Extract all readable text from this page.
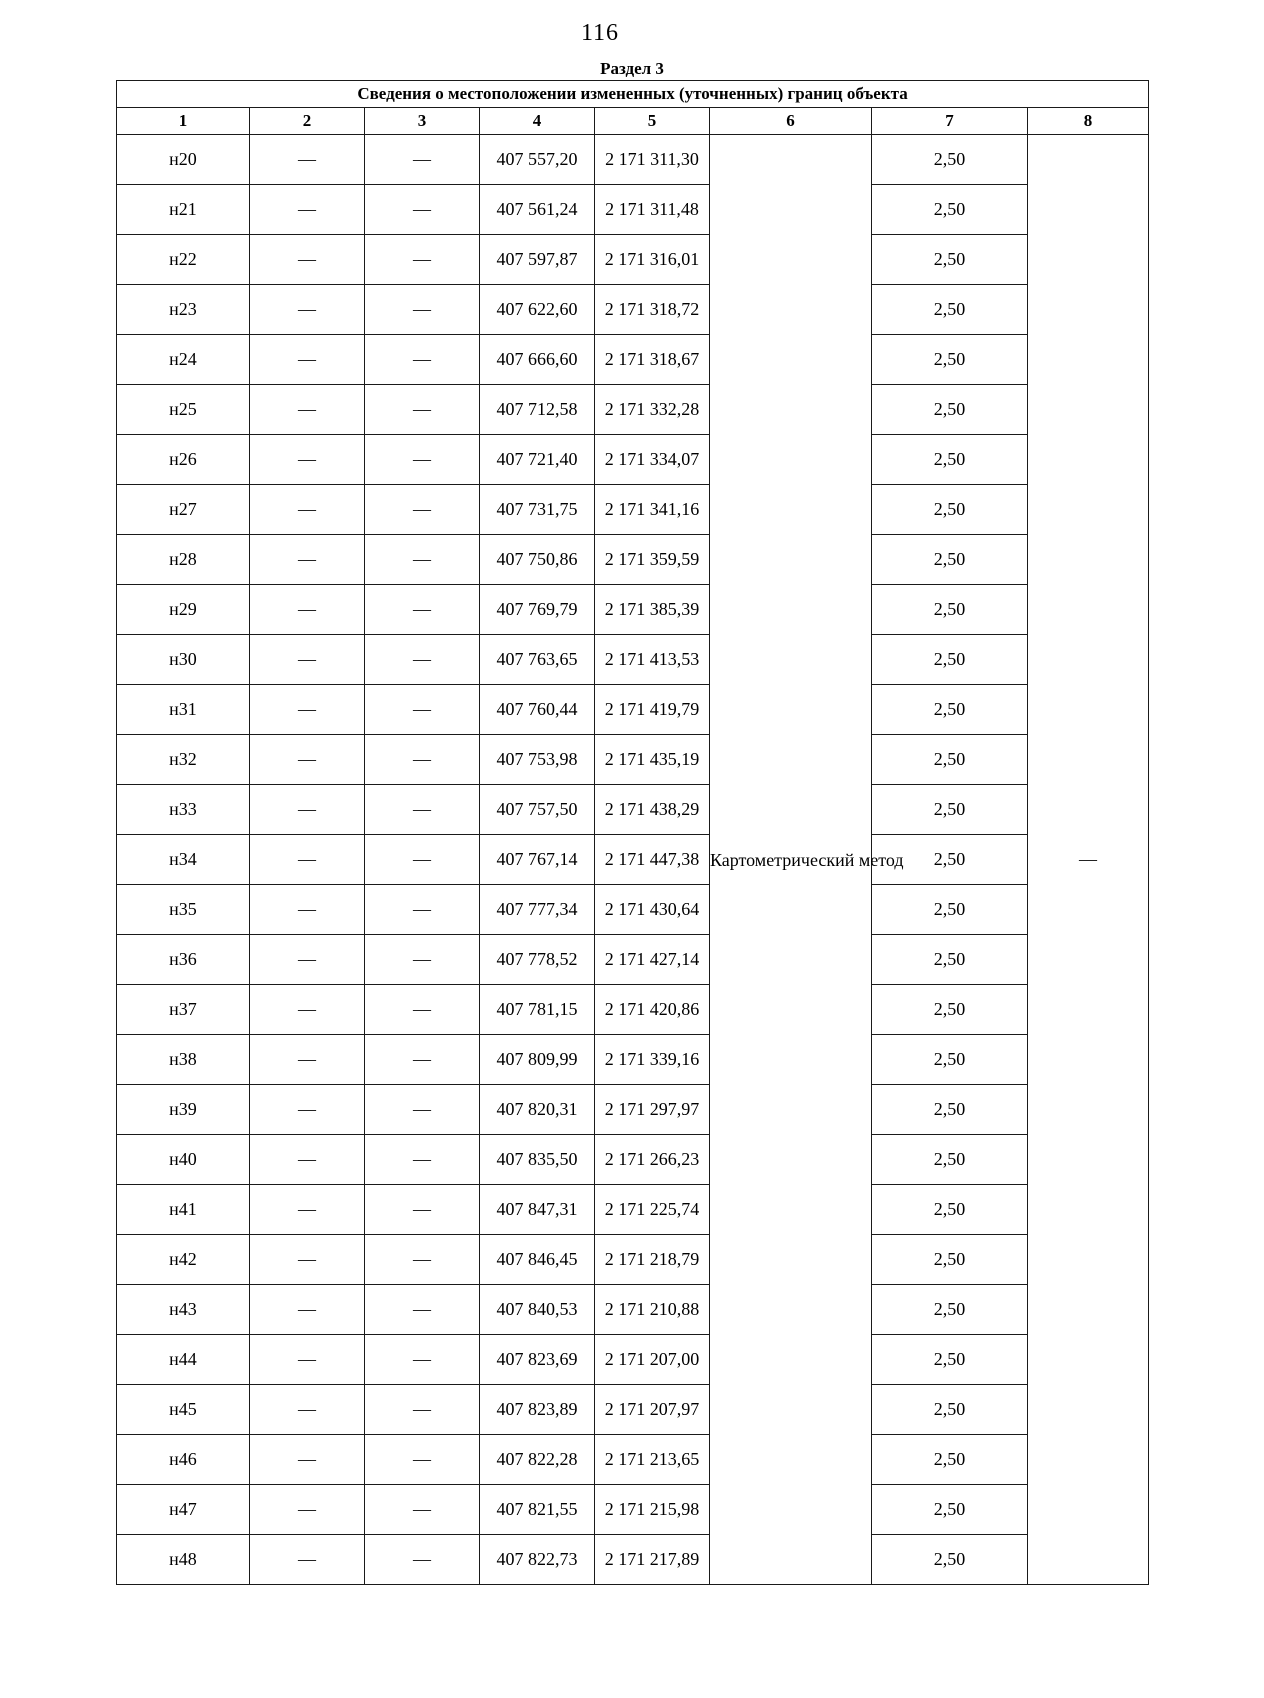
116
Раздел 3
Сведения о местоположении измененных (уточненных) границ объекта							
1	2	3	4	5	6	7	8
н20	—	—	407 557,20	2 171 311,30	Картометрический метод	2,50	—
н21	—	—	407 561,24	2 171 311,48		2,50	
н22	—	—	407 597,87	2 171 316,01		2,50	
н23	—	—	407 622,60	2 171 318,72		2,50	
н24	—	—	407 666,60	2 171 318,67		2,50	
н25	—	—	407 712,58	2 171 332,28		2,50	
н26	—	—	407 721,40	2 171 334,07		2,50	
н27	—	—	407 731,75	2 171 341,16		2,50	
н28	—	—	407 750,86	2 171 359,59		2,50	
н29	—	—	407 769,79	2 171 385,39		2,50	
н30	—	—	407 763,65	2 171 413,53		2,50	
н31	—	—	407 760,44	2 171 419,79		2,50	
н32	—	—	407 753,98	2 171 435,19		2,50	
н33	—	—	407 757,50	2 171 438,29		2,50	
н34	—	—	407 767,14	2 171 447,38		2,50	
н35	—	—	407 777,34	2 171 430,64		2,50	
н36	—	—	407 778,52	2 171 427,14		2,50	
н37	—	—	407 781,15	2 171 420,86		2,50	
н38	—	—	407 809,99	2 171 339,16		2,50	
н39	—	—	407 820,31	2 171 297,97		2,50	
н40	—	—	407 835,50	2 171 266,23		2,50	
н41	—	—	407 847,31	2 171 225,74		2,50	
н42	—	—	407 846,45	2 171 218,79		2,50	
н43	—	—	407 840,53	2 171 210,88		2,50	
н44	—	—	407 823,69	2 171 207,00		2,50	
н45	—	—	407 823,89	2 171 207,97		2,50	
н46	—	—	407 822,28	2 171 213,65		2,50	
н47	—	—	407 821,55	2 171 215,98		2,50	
н48	—	—	407 822,73	2 171 217,89		2,50	
